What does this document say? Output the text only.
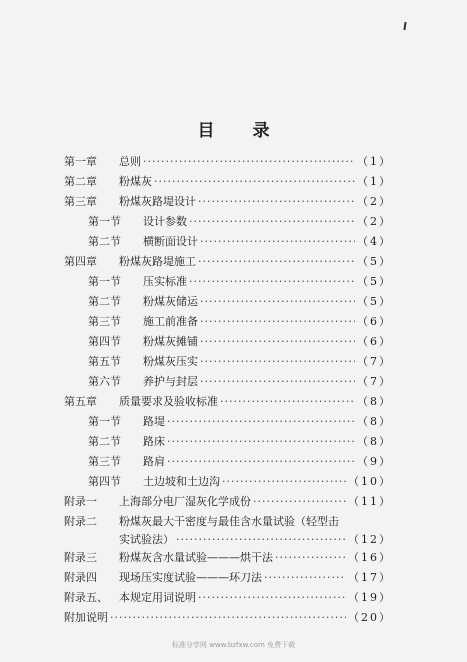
目 录
第一章	总则 ·····	（1）
第二章	粉煤灰 ·····	（1）
第三章	粉煤灰路堤设计 ·····	（2）
第一节	设计参数 ·····	（2）
第二节	横断面设计 ·····	（4）
第四章	粉煤灰路堤施工 ·····	（5）
第一节	压实标准 ·····	（5）
第二节	粉煤灰储运 ·····	（5）
第三节	施工前准备 ·····	（6）
第四节	粉煤灰摊铺 ·····	（6）
第五节	粉煤灰压实 ·····	（7）
第六节	养护与封层 ·····	（7）
第五章	质量要求及验收标准 ·····	（8）
第一节	路堤 ·····	（8）
第二节	路床 ·····	（8）
第三节	路肩 ·····	（9）
第四节	土边坡和土边沟 ·····	（10）
附录一	上海部分电厂湿灰化学成份 ·····	（11）
附录二	粉煤灰最大干密度与最佳含水量试验（轻型击
实试验法） ·····	（12）
附录三	粉煤灰含水量试验———烘干法 ·····	（16）
附录四	现场压实度试验———环刀法 ·····	（17）
附录五、	本规定用词说明 ·····	（19）
附加说明 ·····	（20）
标准分享网 www.bzfxw.com 免费下载
